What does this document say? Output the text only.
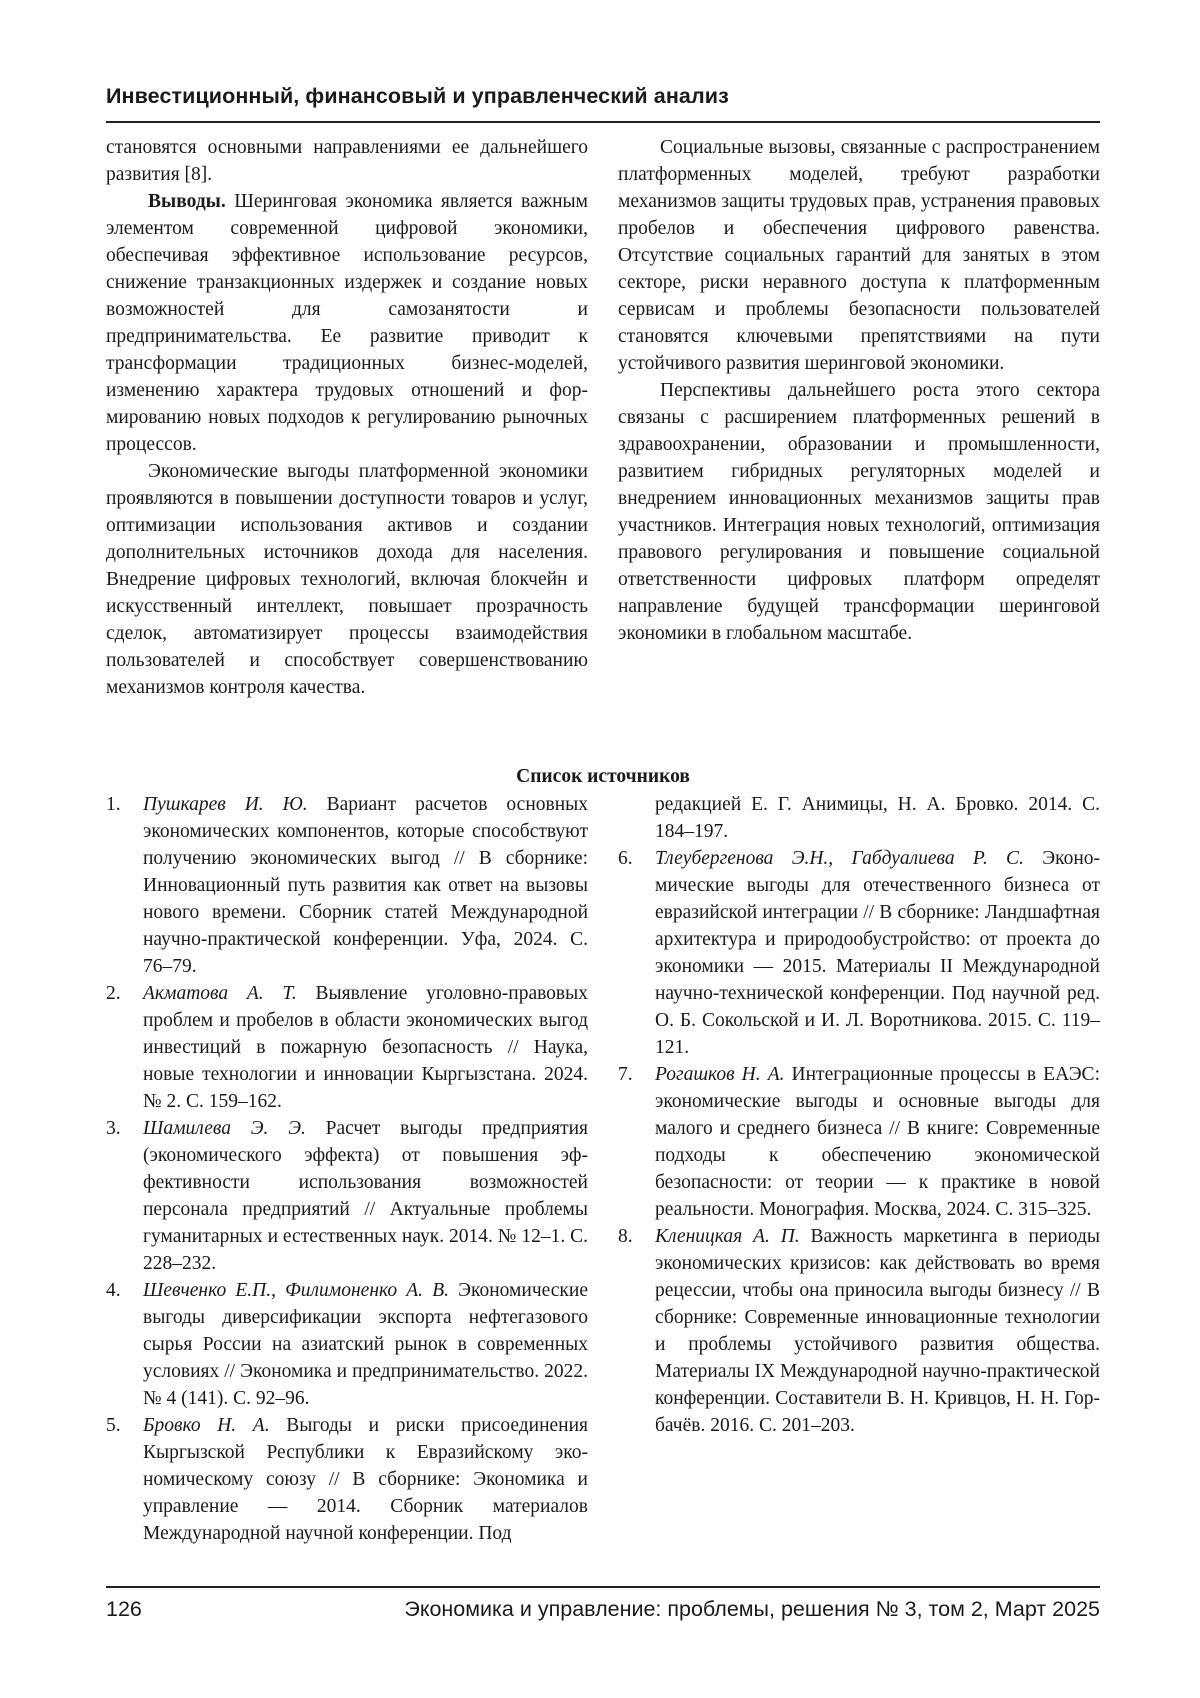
Инвестиционный, финансовый и управленческий анализ

становятся основными направлениями ее дальнейшего развития [8].

Выводы. Шеринговая экономика является важным элементом современной цифровой экономики, обеспечивая эффективное использование ресурсов, снижение транзакционных издержек и создание новых возможностей для самозанятости и предпринимательства. Ее развитие приводит к трансформации традиционных бизнес-моделей, изменению характера трудовых отношений и формированию новых подходов к регулированию рыночных процессов.

Экономические выгоды платформенной экономики проявляются в повышении доступности товаров и услуг, оптимизации использования активов и создании дополнительных источников дохода для населения. Внедрение цифровых технологий, включая блокчейн и искусственный интеллект, повышает прозрачность сделок, автоматизирует процессы взаимодействия пользователей и способствует совершенствованию механизмов контроля качества.

Социальные вызовы, связанные с распространением платформенных моделей, требуют разработки механизмов защиты трудовых прав, устранения правовых пробелов и обеспечения цифрового равенства. Отсутствие социальных гарантий для занятых в этом секторе, риски неравного доступа к платформенным сервисам и проблемы безопасности пользователей становятся ключевыми препятствиями на пути устойчивого развития шеринговой экономики.

Перспективы дальнейшего роста этого сектора связаны с расширением платформенных решений в здравоохранении, образовании и промышленности, развитием гибридных регуляторных моделей и внедрением инновационных механизмов защиты прав участников. Интеграция новых технологий, оптимизация правового регулирования и повышение социальной ответственности цифровых платформ определят направление будущей трансформации шеринговой экономики в глобальном масштабе.

Список источников
1. Пушкарев И. Ю. Вариант расчетов основных экономических компонентов, которые способствуют получению экономических выгод // В сборнике: Инновационный путь развития как ответ на вызовы нового времени. Сборник статей Международной научно-практической конференции. Уфа, 2024. С. 76–79.
2. Акматова А. Т. Выявление уголовно-правовых проблем и пробелов в области экономических выгод инвестиций в пожарную безопасность // Наука, новые технологии и инновации Кыргызстана. 2024. № 2. С. 159–162.
3. Шамилева Э. Э. Расчет выгоды предприятия (экономического эффекта) от повышения эффективности использования возможностей персонала предприятий // Актуальные проблемы гуманитарных и естественных наук. 2014. № 12–1. С. 228–232.
4. Шевченко Е.П., Филимоненко А. В. Экономические выгоды диверсификации экспорта нефтегазового сырья России на азиатский рынок в современных условиях // Экономика и предпринимательство. 2022. № 4 (141). С. 92–96.
5. Бровко Н. А. Выгоды и риски присоединения Кыргызской Республики к Евразийскому экономическому союзу // В сборнике: Экономика и управление — 2014. Сборник материалов Международной научной конференции. Под
редакцией Е. Г. Анимицы, Н. А. Бровко. 2014. С. 184–197.
6. Тлеубергенова Э.Н., Габдуалиева Р. С. Экономические выгоды для отечественного бизнеса от евразийской интеграции // В сборнике: Ландшафтная архитектура и природообустройство: от проекта до экономики — 2015. Материалы II Международной научно-технической конференции. Под научной ред. О. Б. Сокольской и И. Л. Воротникова. 2015. С. 119–121.
7. Рогашков Н. А. Интеграционные процессы в ЕАЭС: экономические выгоды и основные выгоды для малого и среднего бизнеса // В книге: Современные подходы к обеспечению экономической безопасности: от теории — к практике в новой реальности. Монография. Москва, 2024. С. 315–325.
8. Кленицкая А. П. Важность маркетинга в периоды экономических кризисов: как действовать во время рецессии, чтобы она приносила выгоды бизнесу // В сборнике: Современные инновационные технологии и проблемы устойчивого развития общества. Материалы IX Международной научно-практической конференции. Составители В. Н. Кривцов, Н. Н. Горбачёв. 2016. С. 201–203.
126	Экономика и управление: проблемы, решения № 3, том 2, Март 2025
